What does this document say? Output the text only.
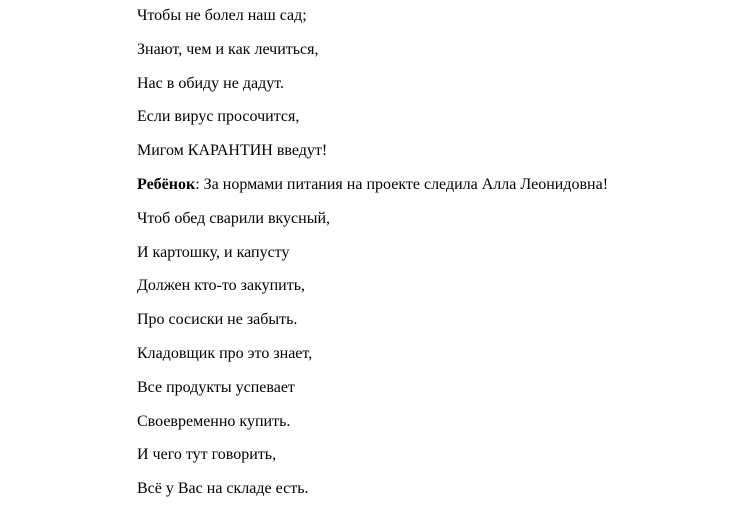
Чтобы не болел наш сад;
Знают, чем и как лечиться,
Нас в обиду не дадут.
Если вирус просочится,
Мигом КАРАНТИН введут!
Ребёнок: За нормами питания на проекте следила Алла Леонидовна!
Чтоб обед сварили вкусный,
И картошку, и капусту
Должен кто-то закупить,
Про сосиски не забыть.
Кладовщик про это знает,
Все продукты успевает
Своевременно купить.
И чего тут говорить,
Всё у Вас на складе есть.
